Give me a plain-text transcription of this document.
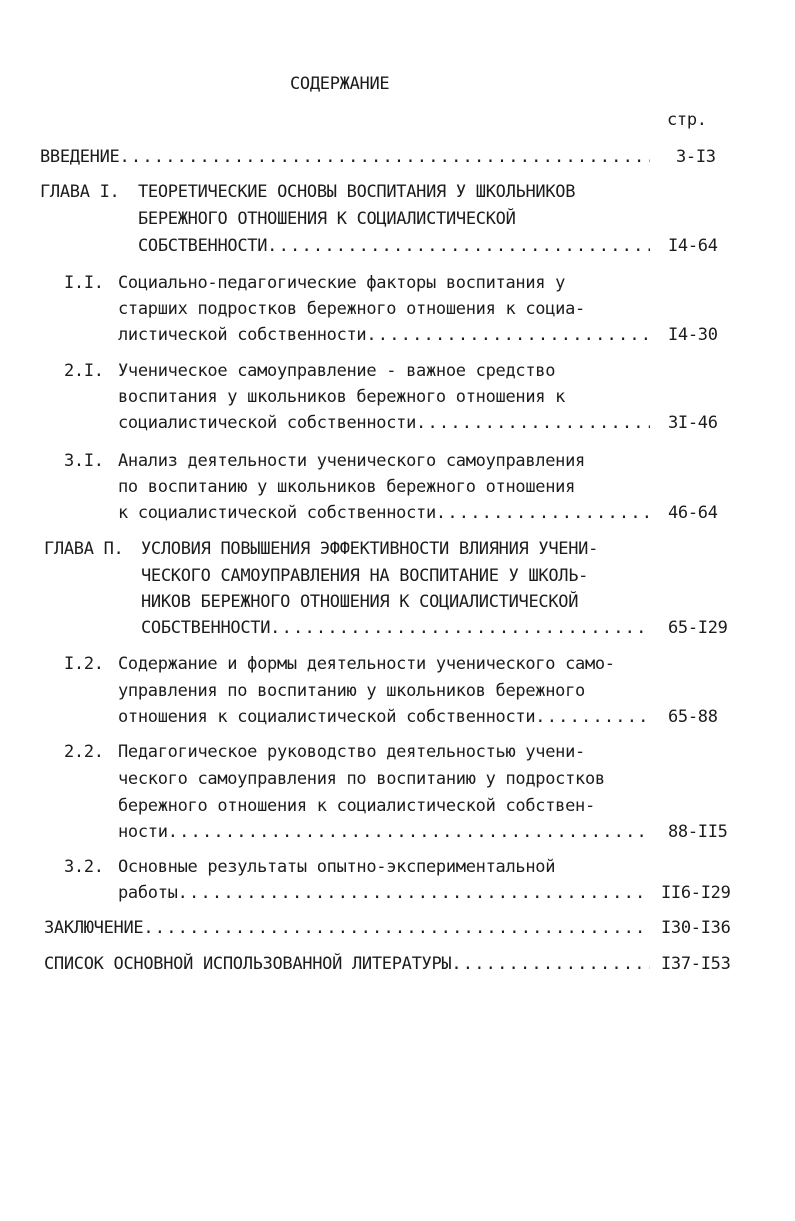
СОДЕРЖАНИЕ
стр.
ВВЕДЕНИЕ .....	3-I3
ГЛАВА I. ТЕОРЕТИЧЕСКИЕ ОСНОВЫ ВОСПИТАНИЯ У ШКОЛЬНИКОВ
БЕРЕЖНОГО ОТНОШЕНИЯ К СОЦИАЛИСТИЧЕСКОЙ
СОБСТВЕННОСТИ .....	I4-64
I.I. Социально-педагогические факторы воспитания у
старших подростков бережного отношения к социа-
листической собственности .....	I4-30
2.I. Ученическое самоуправление - важное средство
воспитания у школьников бережного отношения к
социалистической собственности .....	3I-46
3.I. Анализ деятельности ученического самоуправления
по воспитанию у школьников бережного отношения
к социалистической собственности .....	46-64
ГЛАВА П. УСЛОВИЯ ПОВЫШЕНИЯ ЭФФЕКТИВНОСТИ ВЛИЯНИЯ УЧЕНИ-
ЧЕСКОГО САМОУПРАВЛЕНИЯ НА ВОСПИТАНИЕ У ШКОЛЬ-
НИКОВ БЕРЕЖНОГО ОТНОШЕНИЯ К СОЦИАЛИСТИЧЕСКОЙ
СОБСТВЕННОСТИ .....	65-I29
I.2. Содержание и формы деятельности ученического само-
управления по воспитанию у школьников бережного
отношения к социалистической собственности .....	65-88
2.2. Педагогическое руководство деятельностью учени-
ческого самоуправления по воспитанию у подростков
бережного отношения к социалистической собствен-
ности .....	88-II5
3.2. Основные результаты опытно-экспериментальной
работы .....	II6-I29
ЗАКЛЮЧЕНИЕ .....	I30-I36
СПИСОК ОСНОВНОЙ ИСПОЛЬЗОВАННОЙ ЛИТЕРАТУРЫ .....	I37-I53
